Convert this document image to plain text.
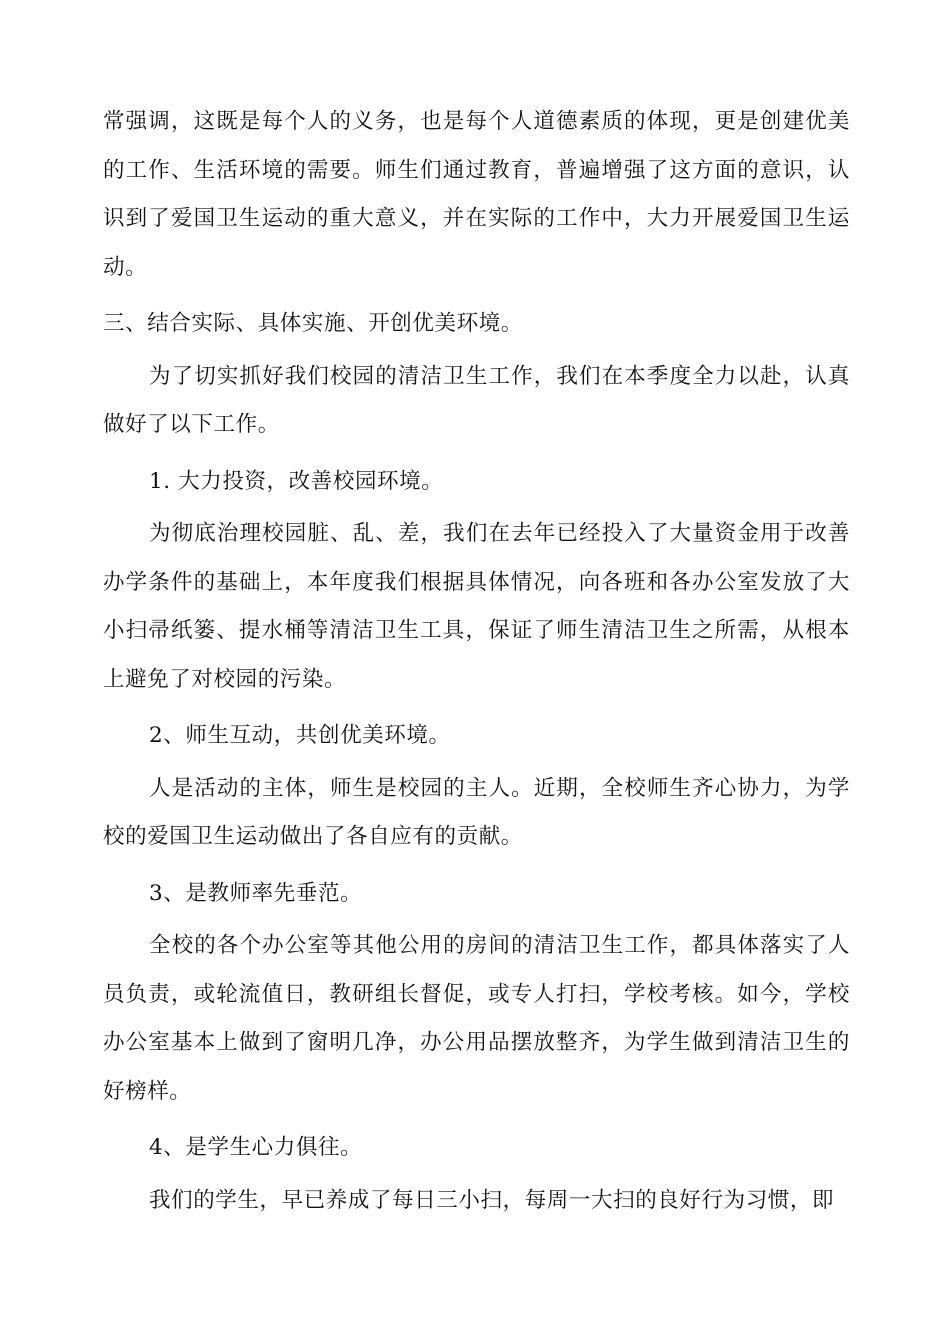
常强调，这既是每个人的义务，也是每个人道德素质的体现，更是创建优美的工作、生活环境的需要。师生们通过教育，普遍增强了这方面的意识，认识到了爱国卫生运动的重大意义，并在实际的工作中，大力开展爱国卫生运动。

三、结合实际、具体实施、开创优美环境。

为了切实抓好我们校园的清洁卫生工作，我们在本季度全力以赴，认真做好了以下工作。

1. 大力投资，改善校园环境。

为彻底治理校园脏、乱、差，我们在去年已经投入了大量资金用于改善办学条件的基础上，本年度我们根据具体情况，向各班和各办公室发放了大小扫帚纸篓、提水桶等清洁卫生工具，保证了师生清洁卫生之所需，从根本上避免了对校园的污染。

2、师生互动，共创优美环境。

人是活动的主体，师生是校园的主人。近期，全校师生齐心协力，为学校的爱国卫生运动做出了各自应有的贡献。

3、是教师率先垂范。

全校的各个办公室等其他公用的房间的清洁卫生工作，都具体落实了人员负责，或轮流值日，教研组长督促，或专人打扫，学校考核。如今，学校办公室基本上做到了窗明几净，办公用品摆放整齐，为学生做到清洁卫生的好榜样。

4、是学生心力俱往。

我们的学生，早已养成了每日三小扫，每周一大扫的良好行为习惯，即
